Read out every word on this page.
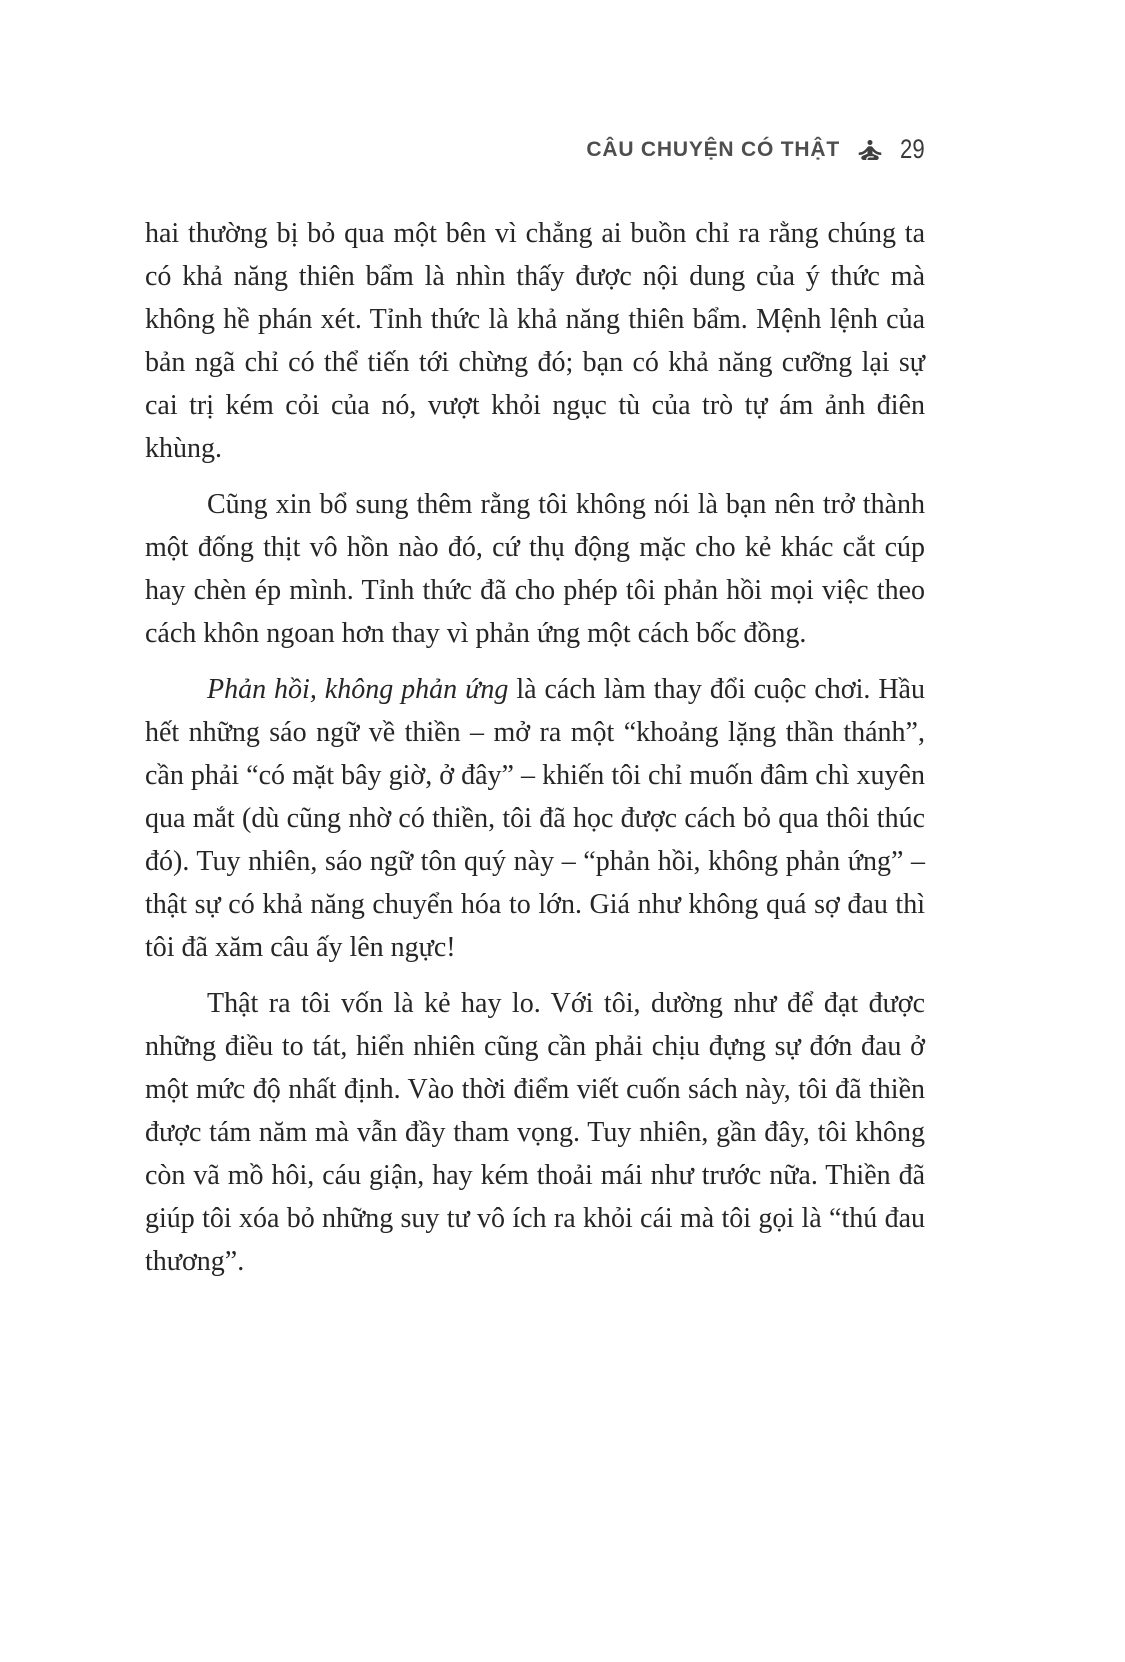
CÂU CHUYỆN CÓ THẬT 29

hai thường bị bỏ qua một bên vì chẳng ai buồn chỉ ra rằng chúng ta có khả năng thiên bẩm là nhìn thấy được nội dung của ý thức mà không hề phán xét. Tỉnh thức là khả năng thiên bẩm. Mệnh lệnh của bản ngã chỉ có thể tiến tới chừng đó; bạn có khả năng cưỡng lại sự cai trị kém cỏi của nó, vượt khỏi ngục tù của trò tự ám ảnh điên khùng.

Cũng xin bổ sung thêm rằng tôi không nói là bạn nên trở thành một đống thịt vô hồn nào đó, cứ thụ động mặc cho kẻ khác cắt cúp hay chèn ép mình. Tỉnh thức đã cho phép tôi phản hồi mọi việc theo cách khôn ngoan hơn thay vì phản ứng một cách bốc đồng.

Phản hồi, không phản ứng là cách làm thay đổi cuộc chơi. Hầu hết những sáo ngữ về thiền – mở ra một “khoảng lặng thần thánh”, cần phải “có mặt bây giờ, ở đây” – khiến tôi chỉ muốn đâm chì xuyên qua mắt (dù cũng nhờ có thiền, tôi đã học được cách bỏ qua thôi thúc đó). Tuy nhiên, sáo ngữ tôn quý này – “phản hồi, không phản ứng” – thật sự có khả năng chuyển hóa to lớn. Giá như không quá sợ đau thì tôi đã xăm câu ấy lên ngực!

Thật ra tôi vốn là kẻ hay lo. Với tôi, dường như để đạt được những điều to tát, hiển nhiên cũng cần phải chịu đựng sự đớn đau ở một mức độ nhất định. Vào thời điểm viết cuốn sách này, tôi đã thiền được tám năm mà vẫn đầy tham vọng. Tuy nhiên, gần đây, tôi không còn vã mồ hôi, cáu giận, hay kém thoải mái như trước nữa. Thiền đã giúp tôi xóa bỏ những suy tư vô ích ra khỏi cái mà tôi gọi là “thú đau thương”.
